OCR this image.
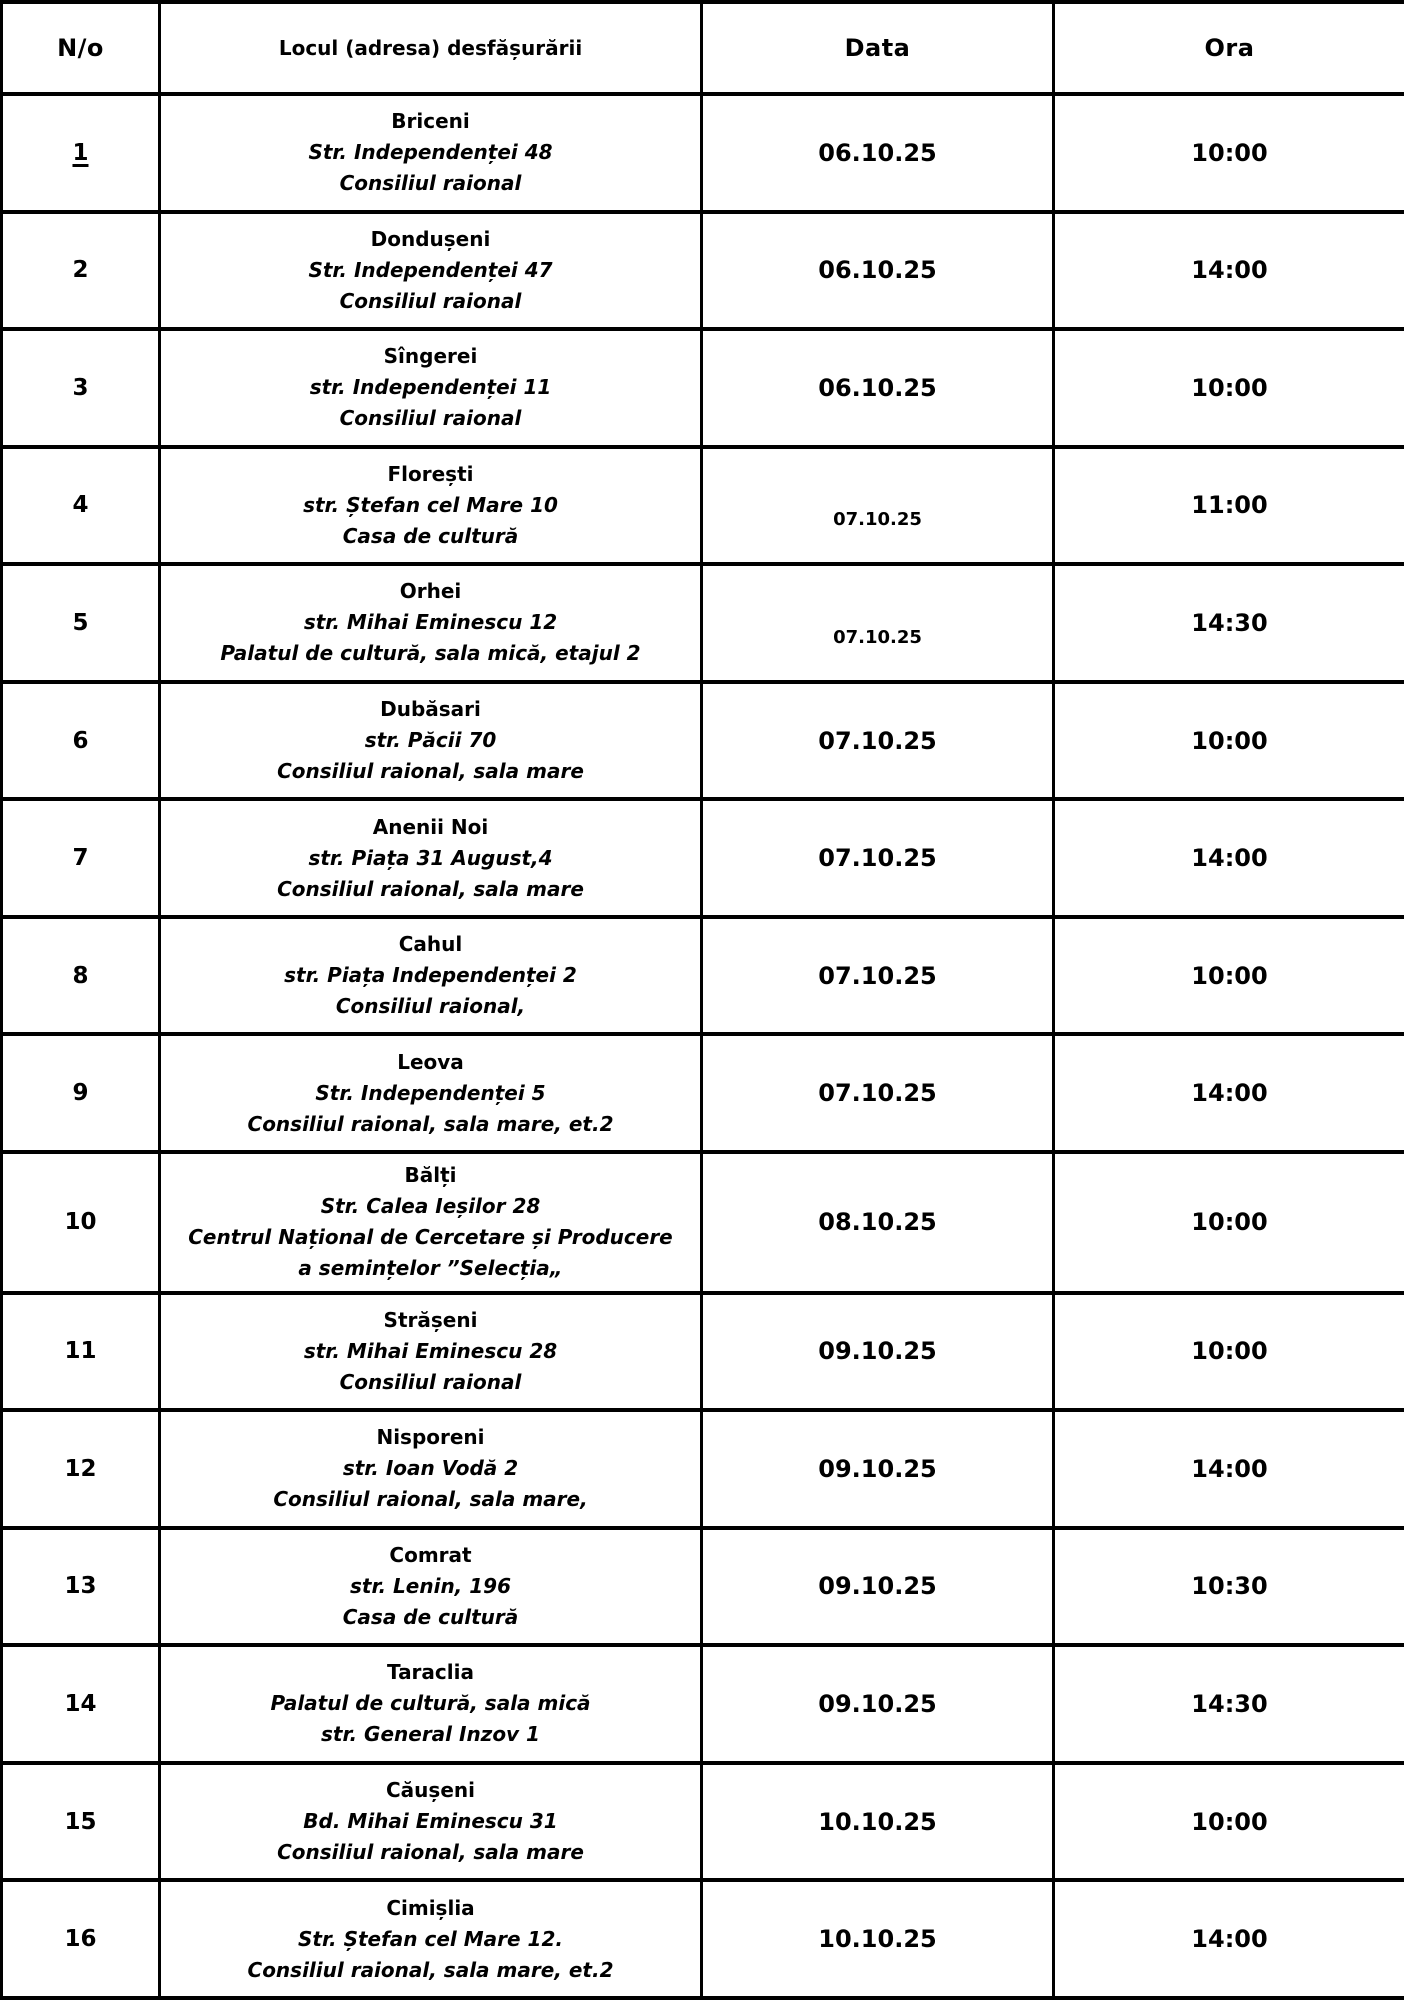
N/o	Locul (adresa) desfășurării	Data	Ora
1	Briceni
Str. Independenței 48
Consiliul raional	06.10.25	10:00
2	Dondușeni
Str. Independenței 47
Consiliul raional	06.10.25	14:00
3	Sîngerei
str. Independenței 11
Consiliul raional	06.10.25	10:00
4	Florești
str. Ștefan cel Mare 10
Casa de cultură	07.10.25	11:00
5	Orhei
str. Mihai Eminescu 12
Palatul de cultură, sala mică, etajul 2	07.10.25	14:30
6	Dubăsari
str. Păcii 70
Consiliul raional, sala mare	07.10.25	10:00
7	Anenii Noi
str. Piața 31 August,4
Consiliul raional, sala mare	07.10.25	14:00
8	Cahul
str. Piața Independenței 2
Consiliul raional,	07.10.25	10:00
9	Leova
Str. Independenței 5
Consiliul raional, sala mare, et.2	07.10.25	14:00
10	Bălți
Str. Calea Ieșilor 28
Centrul Național de Cercetare și Producere
a semințelor ”Selecția„	08.10.25	10:00
11	Strășeni
str. Mihai Eminescu 28
Consiliul raional	09.10.25	10:00
12	Nisporeni
str. Ioan Vodă 2
Consiliul raional, sala mare,	09.10.25	14:00
13	Comrat
str. Lenin, 196
Casa de cultură	09.10.25	10:30
14	Taraclia
Palatul de cultură, sala mică
str. General Inzov 1	09.10.25	14:30
15	Căușeni
Bd. Mihai Eminescu 31
Consiliul raional, sala mare	10.10.25	10:00
16	Cimișlia
Str. Ștefan cel Mare 12.
Consiliul raional, sala mare, et.2	10.10.25	14:00
